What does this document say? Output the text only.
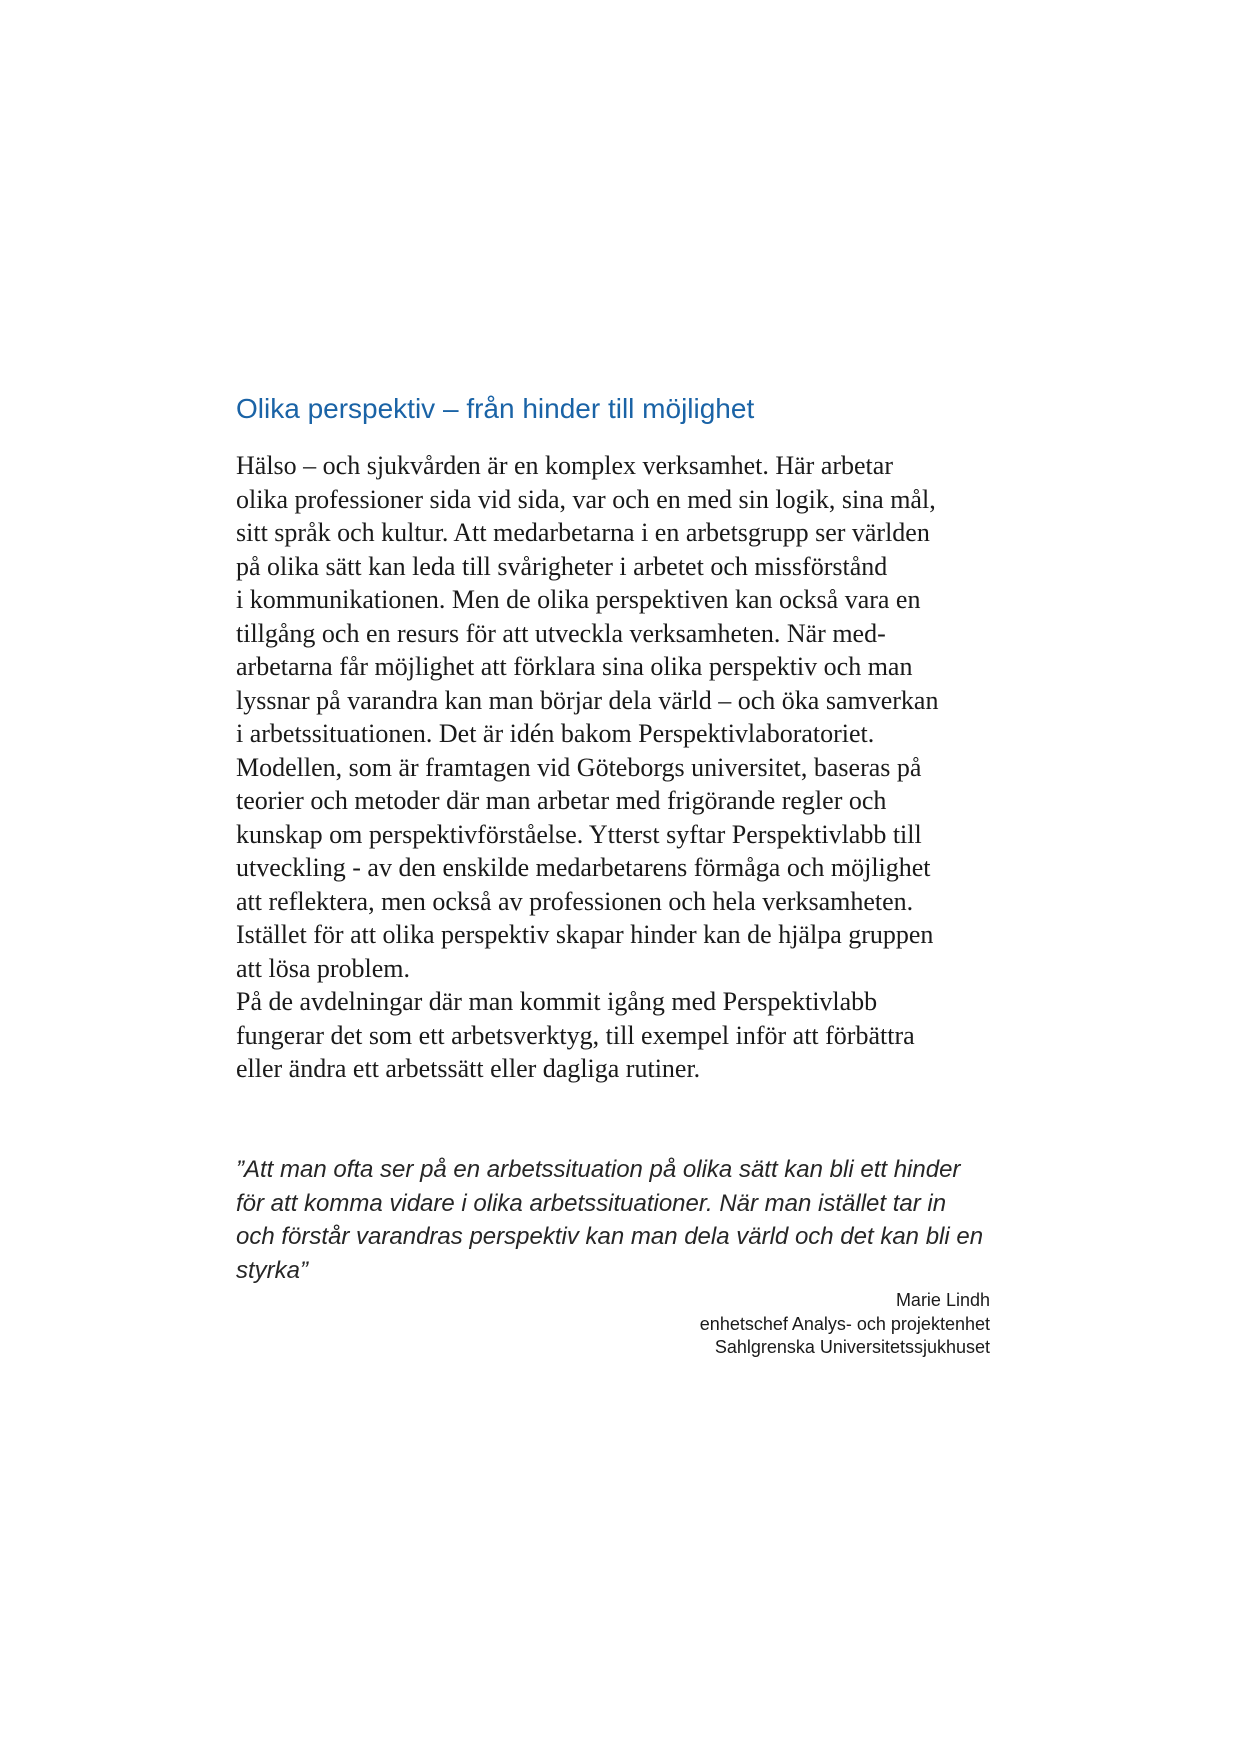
Olika perspektiv – från hinder till möjlighet
Hälso – och sjukvården är en komplex verksamhet. Här arbetar
olika professioner sida vid sida, var och en med sin logik, sina mål,
sitt språk och kultur. Att medarbetarna i en arbetsgrupp ser världen
på olika sätt kan leda till svårigheter i arbetet och missförstånd
i kommunikationen. Men de olika perspektiven kan också vara en
tillgång och en resurs för att utveckla verksamheten. När med-
arbetarna får möjlighet att förklara sina olika perspektiv och man
lyssnar på varandra kan man börjar dela värld – och öka samverkan
i arbetssituationen. Det är idén bakom Perspektivlaboratoriet.
Modellen, som är framtagen vid Göteborgs universitet, baseras på
teorier och metoder där man arbetar med frigörande regler och
kunskap om perspektivförståelse. Ytterst syftar Perspektivlabb till
utveckling - av den enskilde medarbetarens förmåga och möjlighet
att reflektera, men också av professionen och hela verksamheten.
Istället för att olika perspektiv skapar hinder kan de hjälpa gruppen
att lösa problem.
På de avdelningar där man kommit igång med Perspektivlabb
fungerar det som ett arbetsverktyg, till exempel inför att förbättra
eller ändra ett arbetssätt eller dagliga rutiner.
”Att man ofta ser på en arbetssituation på olika sätt kan bli ett hinder
för att komma vidare i olika arbetssituationer. När man istället tar in
och förstår varandras perspektiv kan man dela värld och det kan bli en
styrka”
Marie Lindh
enhetschef Analys- och projektenhet
Sahlgrenska Universitetssjukhuset
